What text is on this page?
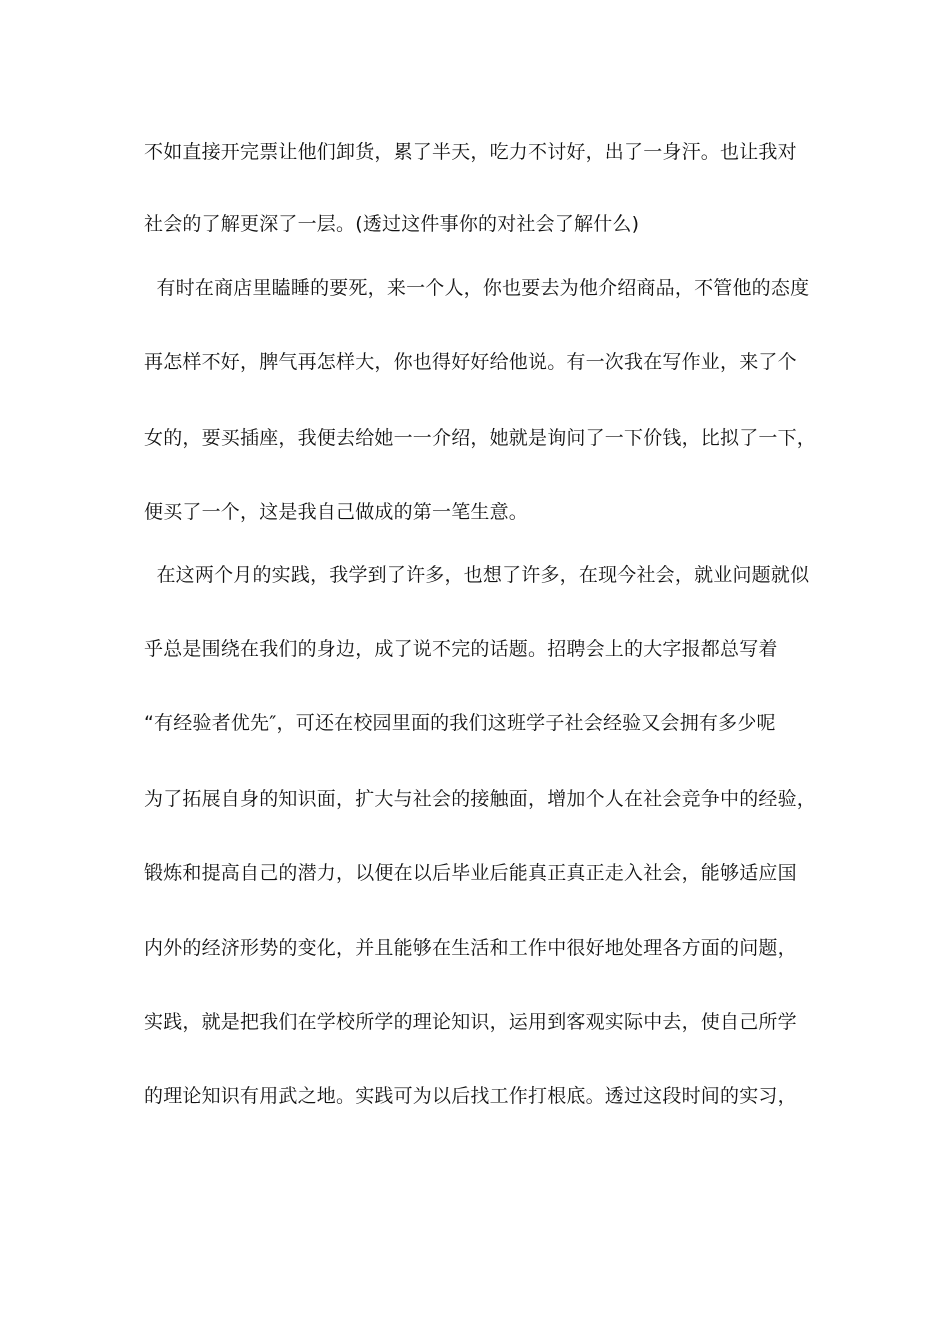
不如直接开完票让他们卸货，累了半天，吃力不讨好，出了一身汗。也让我对
社会的了解更深了一层。(透过这件事你的对社会了解什么)
有时在商店里瞌睡的要死，来一个人，你也要去为他介绍商品，不管他的态度
再怎样不好，脾气再怎样大，你也得好好给他说。有一次我在写作业，来了个
女的，要买插座，我便去给她一一介绍，她就是询问了一下价钱，比拟了一下，
便买了一个，这是我自己做成的第一笔生意。
在这两个月的实践，我学到了许多，也想了许多，在现今社会，就业问题就似
乎总是围绕在我们的身边，成了说不完的话题。招聘会上的大字报都总写着
“有经验者优先″，可还在校园里面的我们这班学子社会经验又会拥有多少呢
为了拓展自身的知识面，扩大与社会的接触面，增加个人在社会竞争中的经验，
锻炼和提高自己的潜力，以便在以后毕业后能真正真正走入社会，能够适应国
内外的经济形势的变化，并且能够在生活和工作中很好地处理各方面的问题，
实践，就是把我们在学校所学的理论知识，运用到客观实际中去，使自己所学
的理论知识有用武之地。实践可为以后找工作打根底。透过这段时间的实习，
